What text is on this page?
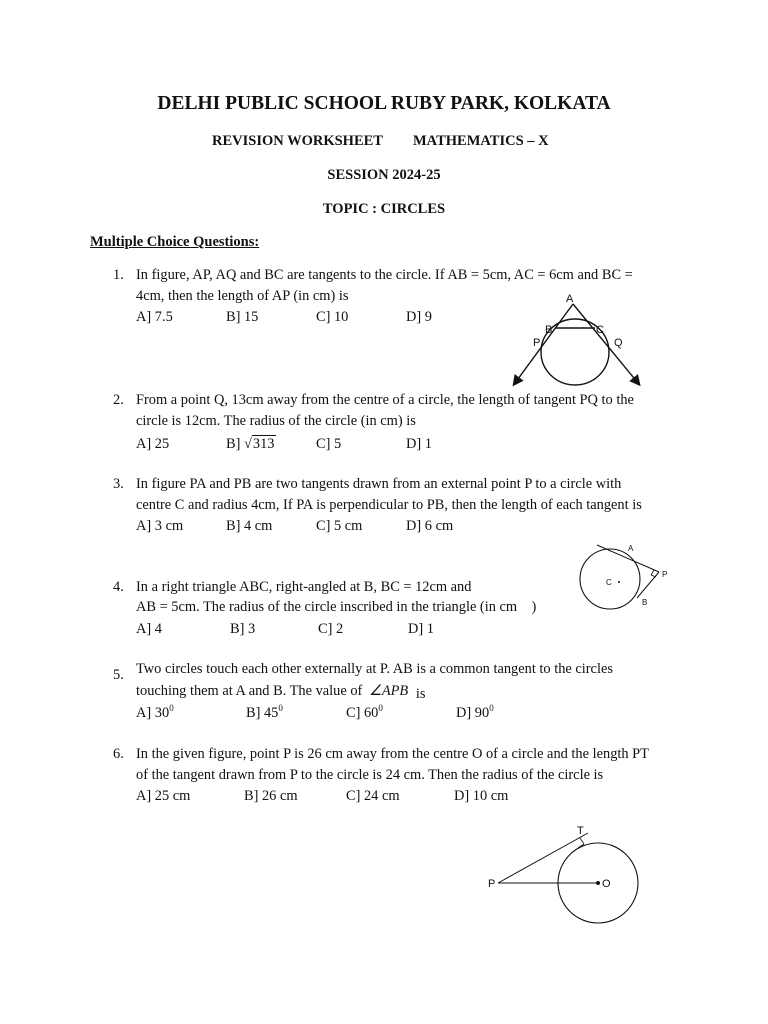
DELHI PUBLIC SCHOOL RUBY PARK, KOLKATA
REVISION WORKSHEET MATHEMATICS – X
SESSION 2024-25
TOPIC : CIRCLES
Multiple Choice Questions:
1. In figure, AP, AQ and BC are tangents to the circle. If AB = 5cm, AC = 6cm and BC =
4cm, then the length of AP (in cm) is
A] 7.5	B] 15	C] 10	D] 9
A
B	C
P	Q
2. From a point Q, 13cm away from the centre of a circle, the length of tangent PQ to the
circle is 12cm. The radius of the circle (in cm) is
A] 25	B] √313	C] 5	D] 1
3. In figure PA and PB are two tangents drawn from an external point P to a circle with
centre C and radius 4cm, If PA is perpendicular to PB, then the length of each tangent is
A] 3 cm	B] 4 cm	C] 5 cm	D] 6 cm
A
C
P
B
4. In a right triangle ABC, right-angled at B, BC = 12cm and
AB = 5cm. The radius of the circle inscribed in the triangle (in cm    )
A] 4	B] 3	C] 2	D] 1
5. Two circles touch each other externally at P. AB is a common tangent to the circles
touching them at A and B. The value of ∠APB is
A] $30^0$	B] $45^0$	C] $60^0$	D] $90^0$
6. In the given figure, point P is 26 cm away from the centre O of a circle and the length PT
of the tangent drawn from P to the circle is 24 cm. Then the radius of the circle is
A] 25 cm	B] 26 cm	C] 24 cm	D] 10 cm
T
P	O
